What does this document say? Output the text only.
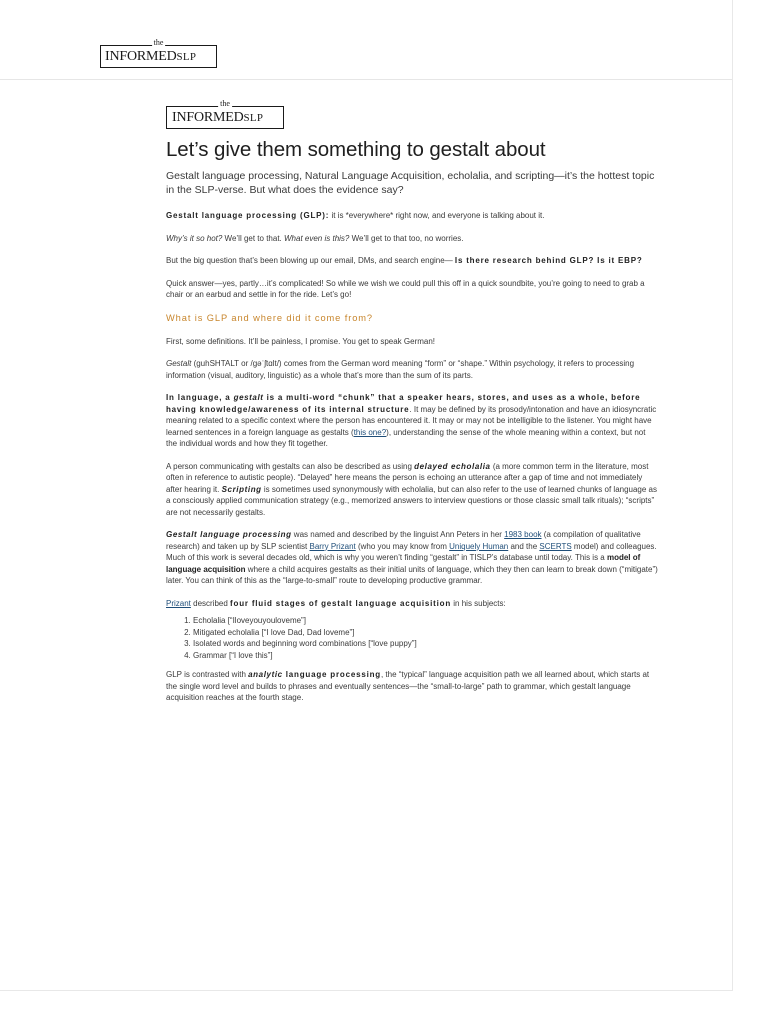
the
INFORMEDSLP
the
INFORMEDSLP
Let’s give them something to gestalt about

Gestalt language processing, Natural Language Acquisition, echolalia, and scripting—it’s the hottest topic in the SLP-verse. But what does the evidence say?

Gestalt language processing (GLP): it is *everywhere* right now, and everyone is talking about it.

Why’s it so hot? We’ll get to that. What even is this? We’ll get to that too, no worries.

But the big question that’s been blowing up our email, DMs, and search engine— Is there research behind GLP? Is it EBP?

Quick answer—yes, partly…it’s complicated! So while we wish we could pull this off in a quick soundbite, you’re going to need to grab a chair or an earbud and settle in for the ride. Let’s go!

What is GLP and where did it come from?

First, some definitions. It’ll be painless, I promise. You get to speak German!

Gestalt (guhSHTALT or /ɡəˈʃtɑlt/) comes from the German word meaning “form” or “shape.” Within psychology, it refers to processing information (visual, auditory, linguistic) as a whole that’s more than the sum of its parts.

In language, a gestalt is a multi-word “chunk” that a speaker hears, stores, and uses as a whole, before having knowledge/awareness of its internal structure. It may be defined by its prosody/intonation and have an idiosyncratic meaning related to a specific context where the person has encountered it. It may or may not be intelligible to the listener. You might have learned sentences in a foreign language as gestalts (this one?), understanding the sense of the whole meaning within a context, but not the individual words and how they fit together.

A person communicating with gestalts can also be described as using delayed echolalia (a more common term in the literature, most often in reference to autistic people). “Delayed” here means the person is echoing an utterance after a gap of time and not immediately after hearing it. Scripting is sometimes used synonymously with echolalia, but can also refer to the use of learned chunks of language as a consciously applied communication strategy (e.g., memorized answers to interview questions or those classic small talk rituals); “scripts” are not necessarily gestalts.

Gestalt language processing was named and described by the linguist Ann Peters in her 1983 book (a compilation of qualitative research) and taken up by SLP scientist Barry Prizant (who you may know from Uniquely Human and the SCERTS model) and colleagues. Much of this work is several decades old, which is why you weren’t finding “gestalt” in TISLP’s database until today. This is a model of language acquisition where a child acquires gestalts as their initial units of language, which they then can learn to break down (“mitigate”) later. You can think of this as the “large-to-small” route to developing productive grammar.

Prizant described four fluid stages of gestalt language acquisition in his subjects:

1. Echolalia [“Iloveyouyouloveme”]
2. Mitigated echolalia [“I love Dad, Dad loveme”]
3. Isolated words and beginning word combinations [“love puppy”]
4. Grammar [“I love this”]

GLP is contrasted with analytic language processing, the “typical” language acquisition path we all learned about, which starts at the single word level and builds to phrases and eventually sentences—the “small-to-large” path to grammar, which gestalt language acquisition reaches at the fourth stage.
